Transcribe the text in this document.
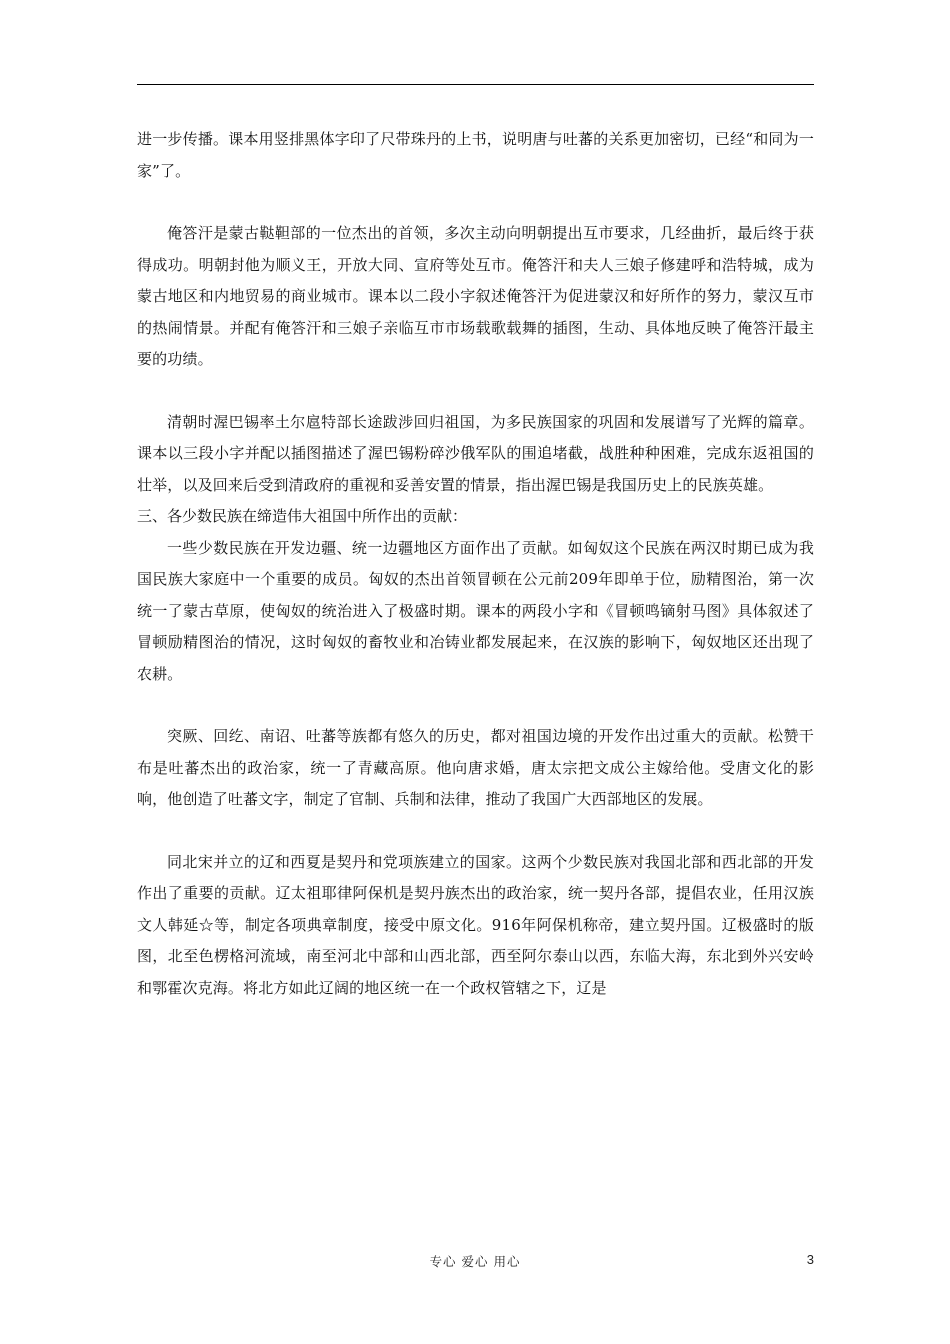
进一步传播。课本用竖排黑体字印了尺带珠丹的上书，说明唐与吐蕃的关系更加密切，已经“和同为一家”了。

俺答汗是蒙古鞑靼部的一位杰出的首领，多次主动向明朝提出互市要求，几经曲折，最后终于获得成功。明朝封他为顺义王，开放大同、宣府等处互市。俺答汗和夫人三娘子修建呼和浩特城，成为蒙古地区和内地贸易的商业城市。课本以二段小字叙述俺答汗为促进蒙汉和好所作的努力，蒙汉互市的热闹情景。并配有俺答汗和三娘子亲临互市市场载歌载舞的插图，生动、具体地反映了俺答汗最主要的功绩。

清朝时渥巴锡率土尔扈特部长途跋涉回归祖国，为多民族国家的巩固和发展谱写了光辉的篇章。课本以三段小字并配以插图描述了渥巴锡粉碎沙俄军队的围追堵截，战胜种种困难，完成东返祖国的壮举，以及回来后受到清政府的重视和妥善安置的情景，指出渥巴锡是我国历史上的民族英雄。

三、各少数民族在缔造伟大祖国中所作出的贡献：

一些少数民族在开发边疆、统一边疆地区方面作出了贡献。如匈奴这个民族在两汉时期已成为我国民族大家庭中一个重要的成员。匈奴的杰出首领冒顿在公元前209年即单于位，励精图治，第一次统一了蒙古草原，使匈奴的统治进入了极盛时期。课本的两段小字和《冒顿鸣镝射马图》具体叙述了冒顿励精图治的情况，这时匈奴的畜牧业和冶铸业都发展起来，在汉族的影响下，匈奴地区还出现了农耕。

突厥、回纥、南诏、吐蕃等族都有悠久的历史，都对祖国边境的开发作出过重大的贡献。松赞干布是吐蕃杰出的政治家，统一了青藏高原。他向唐求婚，唐太宗把文成公主嫁给他。受唐文化的影响，他创造了吐蕃文字，制定了官制、兵制和法律，推动了我国广大西部地区的发展。

同北宋并立的辽和西夏是契丹和党项族建立的国家。这两个少数民族对我国北部和西北部的开发作出了重要的贡献。辽太祖耶律阿保机是契丹族杰出的政治家，统一契丹各部，提倡农业，任用汉族文人韩延☆等，制定各项典章制度，接受中原文化。916年阿保机称帝，建立契丹国。辽极盛时的版图，北至色楞格河流域，南至河北中部和山西北部，西至阿尔泰山以西，东临大海，东北到外兴安岭和鄂霍次克海。将北方如此辽阔的地区统一在一个政权管辖之下，辽是

专心 爱心 用心	3
